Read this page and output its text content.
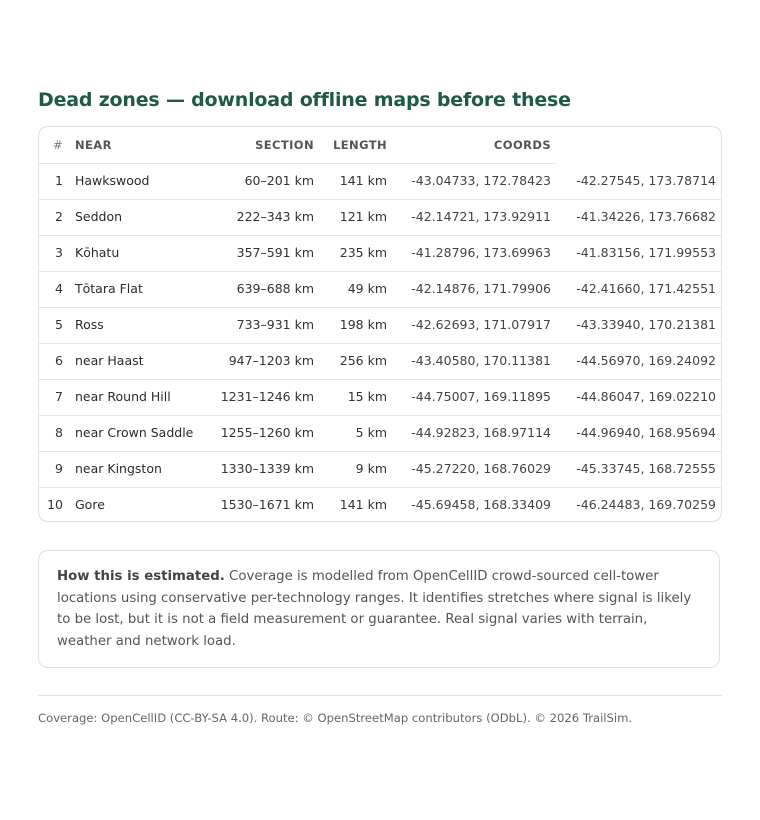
Dead zones — download offline maps before these
# NEAR	SECTION	LENGTH	COORDS
1 Hawkswood	60–201 km	141 km	-43.04733, 172.78423	-42.27545, 173.78714
2 Seddon	222–343 km	121 km	-42.14721, 173.92911	-41.34226, 173.76682
3 Kōhatu	357–591 km	235 km	-41.28796, 173.69963	-41.83156, 171.99553
4 Tōtara Flat	639–688 km	49 km	-42.14876, 171.79906	-42.41660, 171.42551
5 Ross	733–931 km	198 km	-42.62693, 171.07917	-43.33940, 170.21381
6 near Haast	947–1203 km	256 km	-43.40580, 170.11381	-44.56970, 169.24092
7 near Round Hill	1231–1246 km	15 km	-44.75007, 169.11895	-44.86047, 169.02210
8 near Crown Saddle	1255–1260 km	5 km	-44.92823, 168.97114	-44.96940, 168.95694
9 near Kingston	1330–1339 km	9 km	-45.27220, 168.76029	-45.33745, 168.72555
10 Gore	1530–1671 km	141 km	-45.69458, 168.33409	-46.24483, 169.70259
How this is estimated. Coverage is modelled from OpenCellID crowd-sourced cell-tower locations using conservative per-technology ranges. It identifies stretches where signal is likely to be lost, but it is not a field measurement or guarantee. Real signal varies with terrain, weather and network load.
Coverage: OpenCellID (CC-BY-SA 4.0). Route: © OpenStreetMap contributors (ODbL). © 2026 TrailSim.
